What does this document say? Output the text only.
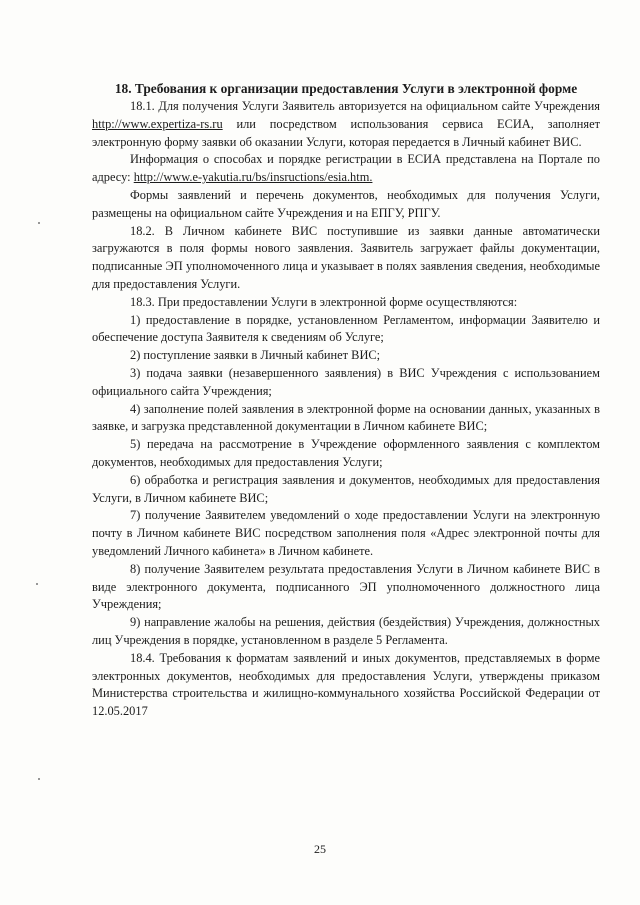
18. Требования к организации предоставления Услуги в электронной форме

18.1. Для получения Услуги Заявитель авторизуется на официальном сайте Учреждения http://www.expertiza-rs.ru или посредством использования сервиса ЕСИА, заполняет электронную форму заявки об оказании Услуги, которая передается в Личный кабинет ВИС.

Информация о способах и порядке регистрации в ЕСИА представлена на Портале по адресу: http://www.e-yakutia.ru/bs/insructions/esia.htm.

Формы заявлений и перечень документов, необходимых для получения Услуги, размещены на официальном сайте Учреждения и на ЕПГУ, РПГУ.

18.2. В Личном кабинете ВИС поступившие из заявки данные автоматически загружаются в поля формы нового заявления. Заявитель загружает файлы документации, подписанные ЭП уполномоченного лица и указывает в полях заявления сведения, необходимые для предоставления Услуги.

18.3. При предоставлении Услуги в электронной форме осуществляются:

1) предоставление в порядке, установленном Регламентом, информации Заявителю и обеспечение доступа Заявителя к сведениям об Услуге;

2) поступление заявки в Личный кабинет ВИС;

3) подача заявки (незавершенного заявления) в ВИС Учреждения с использованием официального сайта Учреждения;

4) заполнение полей заявления в электронной форме на основании данных, указанных в заявке, и загрузка представленной документации в Личном кабинете ВИС;

5) передача на рассмотрение в Учреждение оформленного заявления с комплектом документов, необходимых для предоставления Услуги;

6) обработка и регистрация заявления и документов, необходимых для предоставления Услуги, в Личном кабинете ВИС;

7) получение Заявителем уведомлений о ходе предоставлении Услуги на электронную почту в Личном кабинете ВИС посредством заполнения поля «Адрес электронной почты для уведомлений Личного кабинета» в Личном кабинете.

8) получение Заявителем результата предоставления Услуги в Личном кабинете ВИС в виде электронного документа, подписанного ЭП уполномоченного должностного лица Учреждения;

9) направление жалобы на решения, действия (бездействия) Учреждения, должностных лиц Учреждения в порядке, установленном в разделе 5 Регламента.

18.4. Требования к форматам заявлений и иных документов, представляемых в форме электронных документов, необходимых для предоставления Услуги, утверждены приказом Министерства строительства и жилищно-коммунального хозяйства Российской Федерации от 12.05.2017

25
